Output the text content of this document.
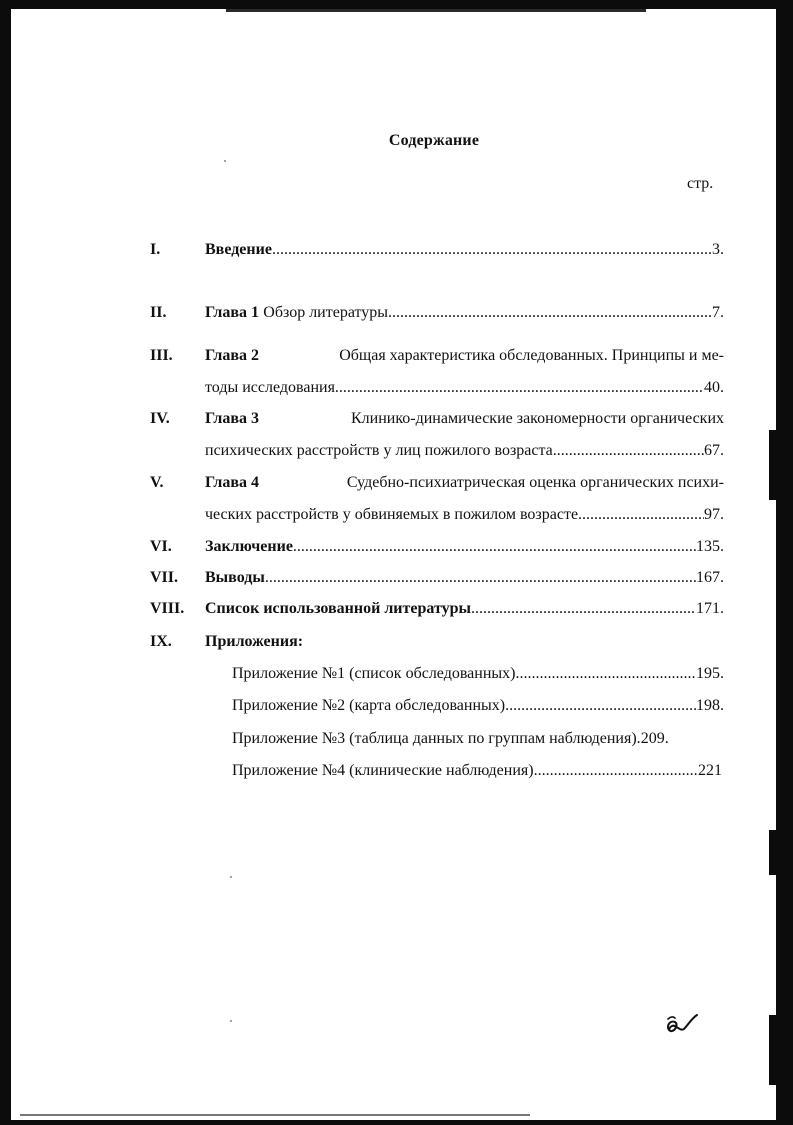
Содержание
стр.
I.	Введение .....	3.
II. Глава 1 Обзор литературы .....	7.
III. Глава 2	Общая характеристика обследованных. Принципы и ме-
тоды исследования .....	40.
IV. Глава 3	Клинико-динамические закономерности органических
психических расстройств у лиц пожилого возраста .....	67.
V.	Глава 4	Судебно-психиатрическая оценка органических психи-
ческих расстройств у обвиняемых в пожилом возрасте .....	97.
VI. Заключение .....	135.
VII. Выводы .....	167.
VIII. Список использованной литературы .....	171.
IX. Приложения:
Приложение №1 (список обследованных) .....	195.
Приложение №2 (карта обследованных) .....	198.
Приложение №3 (таблица данных по группам наблюдения). 209.
Приложение №4 (клинические наблюдения) .....	221
